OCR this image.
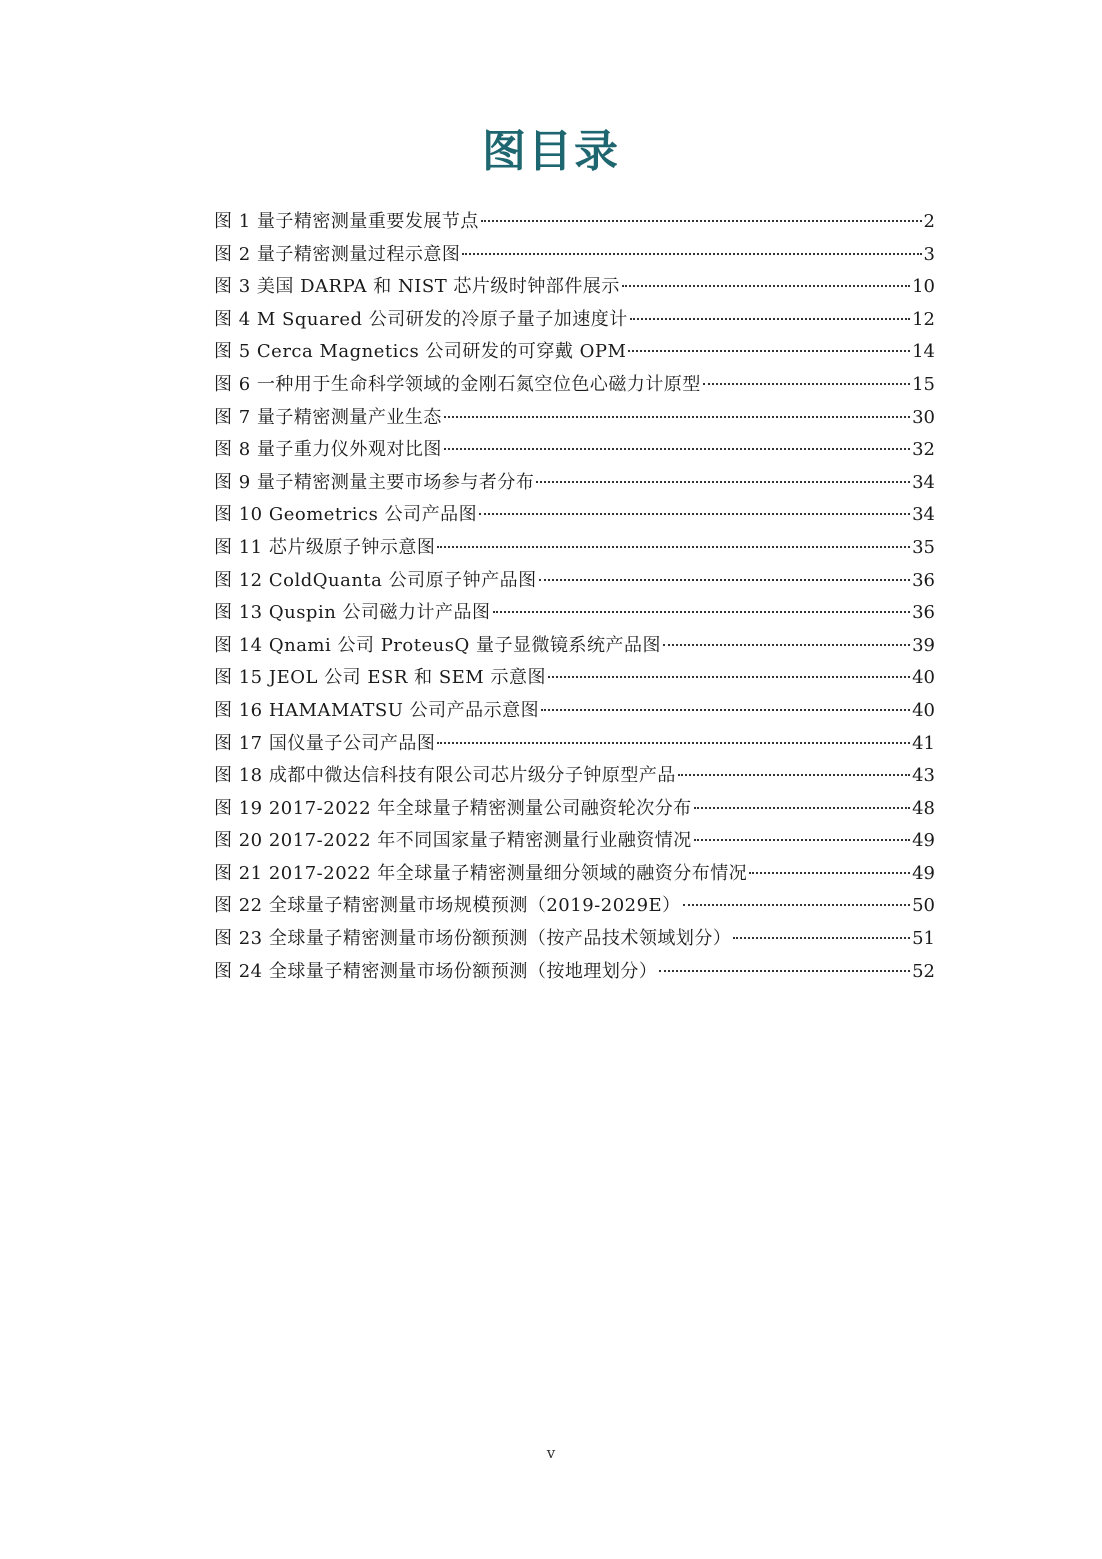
图目录
图 1 量子精密测量重要发展节点	2
图 2 量子精密测量过程示意图	3
图 3 美国 DARPA 和 NIST 芯片级时钟部件展示	10
图 4 M Squared 公司研发的冷原子量子加速度计	12
图 5 Cerca Magnetics 公司研发的可穿戴 OPM	14
图 6 一种用于生命科学领域的金刚石氮空位色心磁力计原型	15
图 7 量子精密测量产业生态	30
图 8 量子重力仪外观对比图	32
图 9 量子精密测量主要市场参与者分布	34
图 10 Geometrics 公司产品图	34
图 11 芯片级原子钟示意图	35
图 12 ColdQuanta 公司原子钟产品图	36
图 13 Quspin 公司磁力计产品图	36
图 14 Qnami 公司 ProteusQ 量子显微镜系统产品图	39
图 15 JEOL 公司 ESR 和 SEM 示意图	40
图 16 HAMAMATSU 公司产品示意图	40
图 17 国仪量子公司产品图	41
图 18 成都中微达信科技有限公司芯片级分子钟原型产品	43
图 19 2017-2022 年全球量子精密测量公司融资轮次分布	48
图 20 2017-2022 年不同国家量子精密测量行业融资情况	49
图 21 2017-2022 年全球量子精密测量细分领域的融资分布情况	49
图 22 全球量子精密测量市场规模预测（2019-2029E）	50
图 23 全球量子精密测量市场份额预测（按产品技术领域划分）	51
图 24 全球量子精密测量市场份额预测（按地理划分）	52
v
